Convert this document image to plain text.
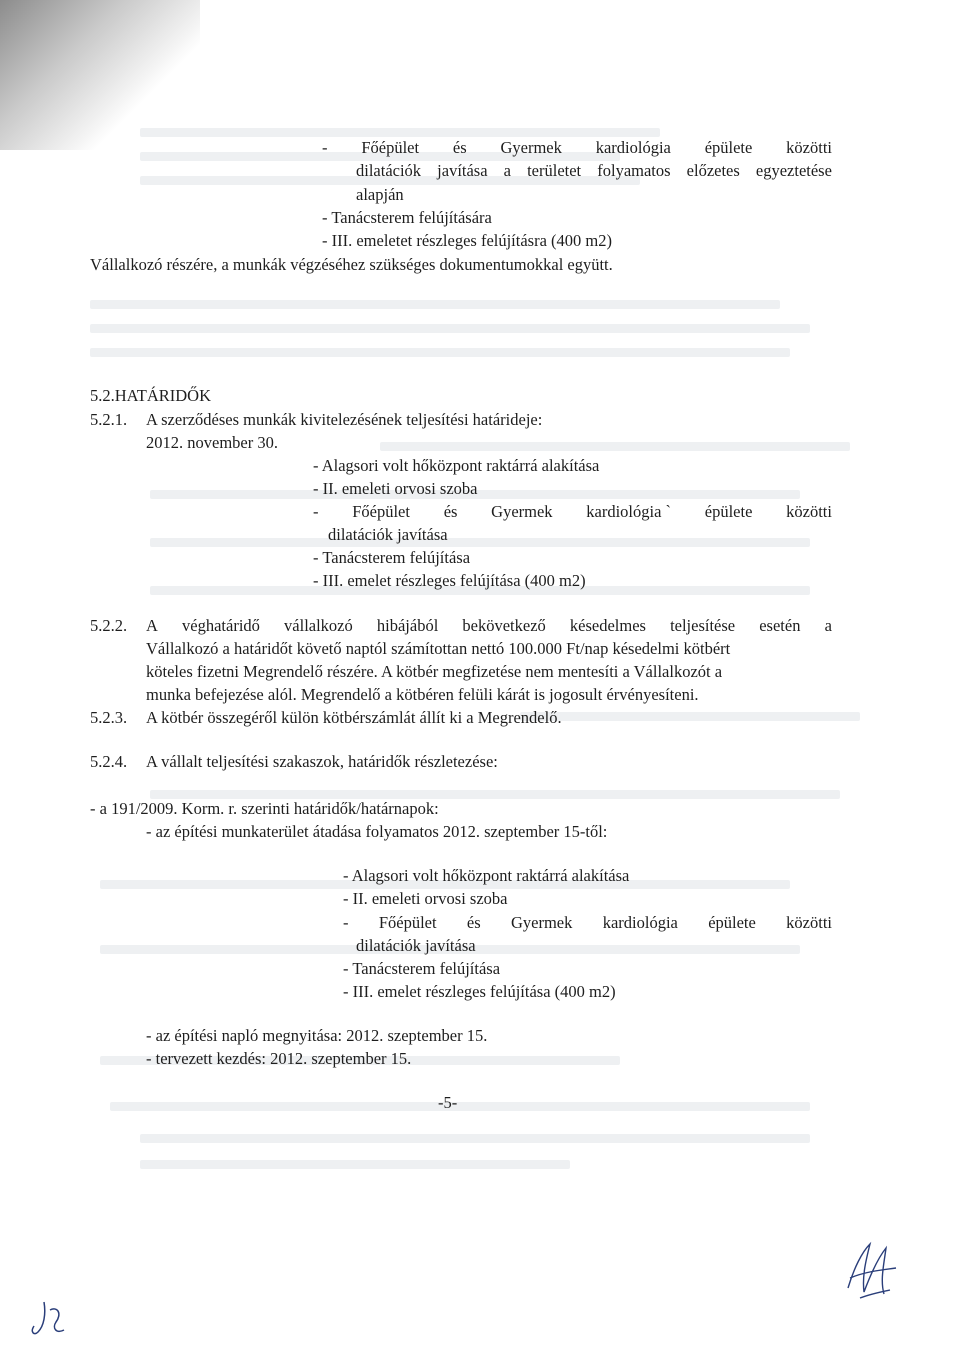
- Főépület és Gyermek kardiológia épülete közötti
dilatációk javítása a területet folyamatos előzetes egyeztetése
alapján
- Tanácsterem felújítására
- III. emeletet részleges felújításra (400 m2)
Vállalkozó részére, a munkák végzéséhez szükséges dokumentumokkal együtt.
5.2.HATÁRIDŐK
5.2.1. A szerződéses munkák kivitelezésének teljesítési határideje:
2012. november 30.
- Alagsori volt hőközpont raktárrá alakítása
- II. emeleti orvosi szoba
- Főépület és Gyermek kardiológia ` épülete közötti
dilatációk javítása
- Tanácsterem felújítása
- III. emelet részleges felújítása (400 m2)
5.2.2. A véghatáridő vállalkozó hibájából bekövetkező késedelmes teljesítése esetén a
Vállalkozó a határidőt követő naptól számítottan nettó 100.000 Ft/nap késedelmi kötbért
köteles fizetni Megrendelő részére. A kötbér megfizetése nem mentesíti a Vállalkozót a
munka befejezése alól. Megrendelő a kötbéren felüli kárát is jogosult érvényesíteni.
5.2.3. A kötbér összegéről külön kötbérszámlát állít ki a Megrendelő.
5.2.4. A vállalt teljesítési szakaszok, határidők részletezése:
- a 191/2009. Korm. r. szerinti határidők/határnapok:
- az építési munkaterület átadása folyamatos 2012. szeptember 15-től:
- Alagsori volt hőközpont raktárrá alakítása
- II. emeleti orvosi szoba
- Főépület és Gyermek kardiológia épülete közötti
dilatációk javítása
- Tanácsterem felújítása
- III. emelet részleges felújítása (400 m2)
- az építési napló megnyitása: 2012. szeptember 15.
- tervezett kezdés: 2012. szeptember 15.
-5-
